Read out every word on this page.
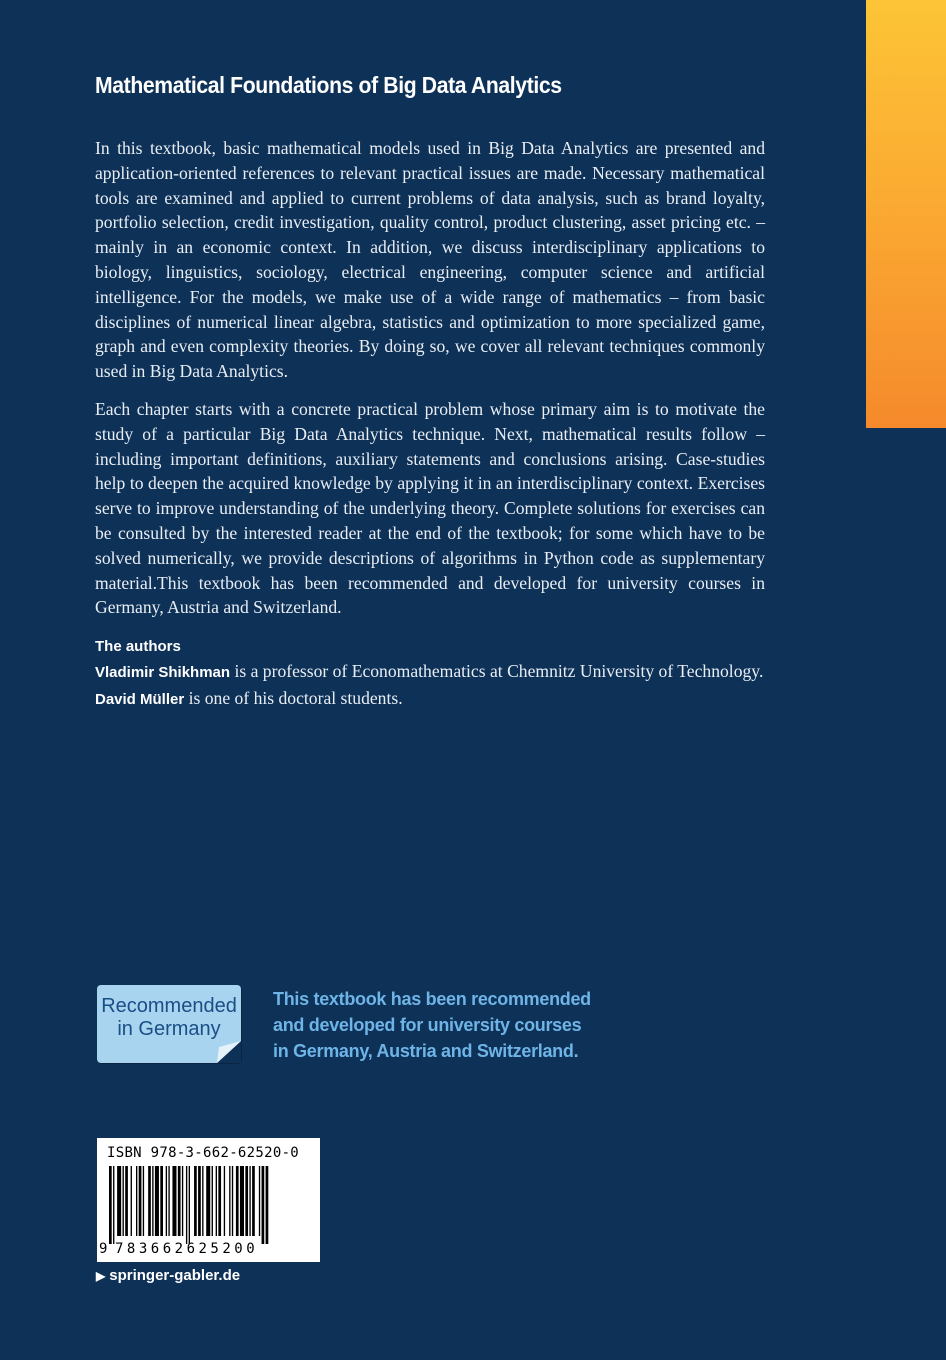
Mathematical Foundations of Big Data Analytics

In this textbook, basic mathematical models used in Big Data Analytics are presented and application-oriented references to relevant practical issues are made. Necessary mathematical tools are examined and applied to current problems of data analysis, such as brand loyalty, portfolio selection, credit investigation, quality control, product clustering, asset pricing etc. – mainly in an economic context. In addition, we discuss interdisciplinary applications to biology, linguistics, sociology, electrical engineering, computer science and artificial intelligence. For the models, we make use of a wide range of mathematics – from basic disciplines of numerical linear algebra, statistics and optimization to more specialized game, graph and even complexity theories. By doing so, we cover all relevant techniques commonly used in Big Data Analytics.

Each chapter starts with a concrete practical problem whose primary aim is to motivate the study of a particular Big Data Analytics technique. Next, mathematical results follow – including important definitions, auxiliary statements and conclusions arising. Case-studies help to deepen the acquired knowledge by applying it in an interdisciplinary context. Exercises serve to improve understanding of the underlying theory. Complete solutions for exercises can be consulted by the interested reader at the end of the textbook; for some which have to be solved numerically, we provide descriptions of algorithms in Python code as supplementary material.This textbook has been recommended and developed for university courses in Germany, Austria and Switzerland.

The authors

Vladimir Shikhman is a professor of Economathematics at Chemnitz University of Technology.

David Müller is one of his doctoral students.

Recommended
in Germany
This textbook has been recommended
and developed for university courses
in Germany, Austria and Switzerland.
ISBN 978-3-662-62520-0
9 783662625200
▶ springer-gabler.de
